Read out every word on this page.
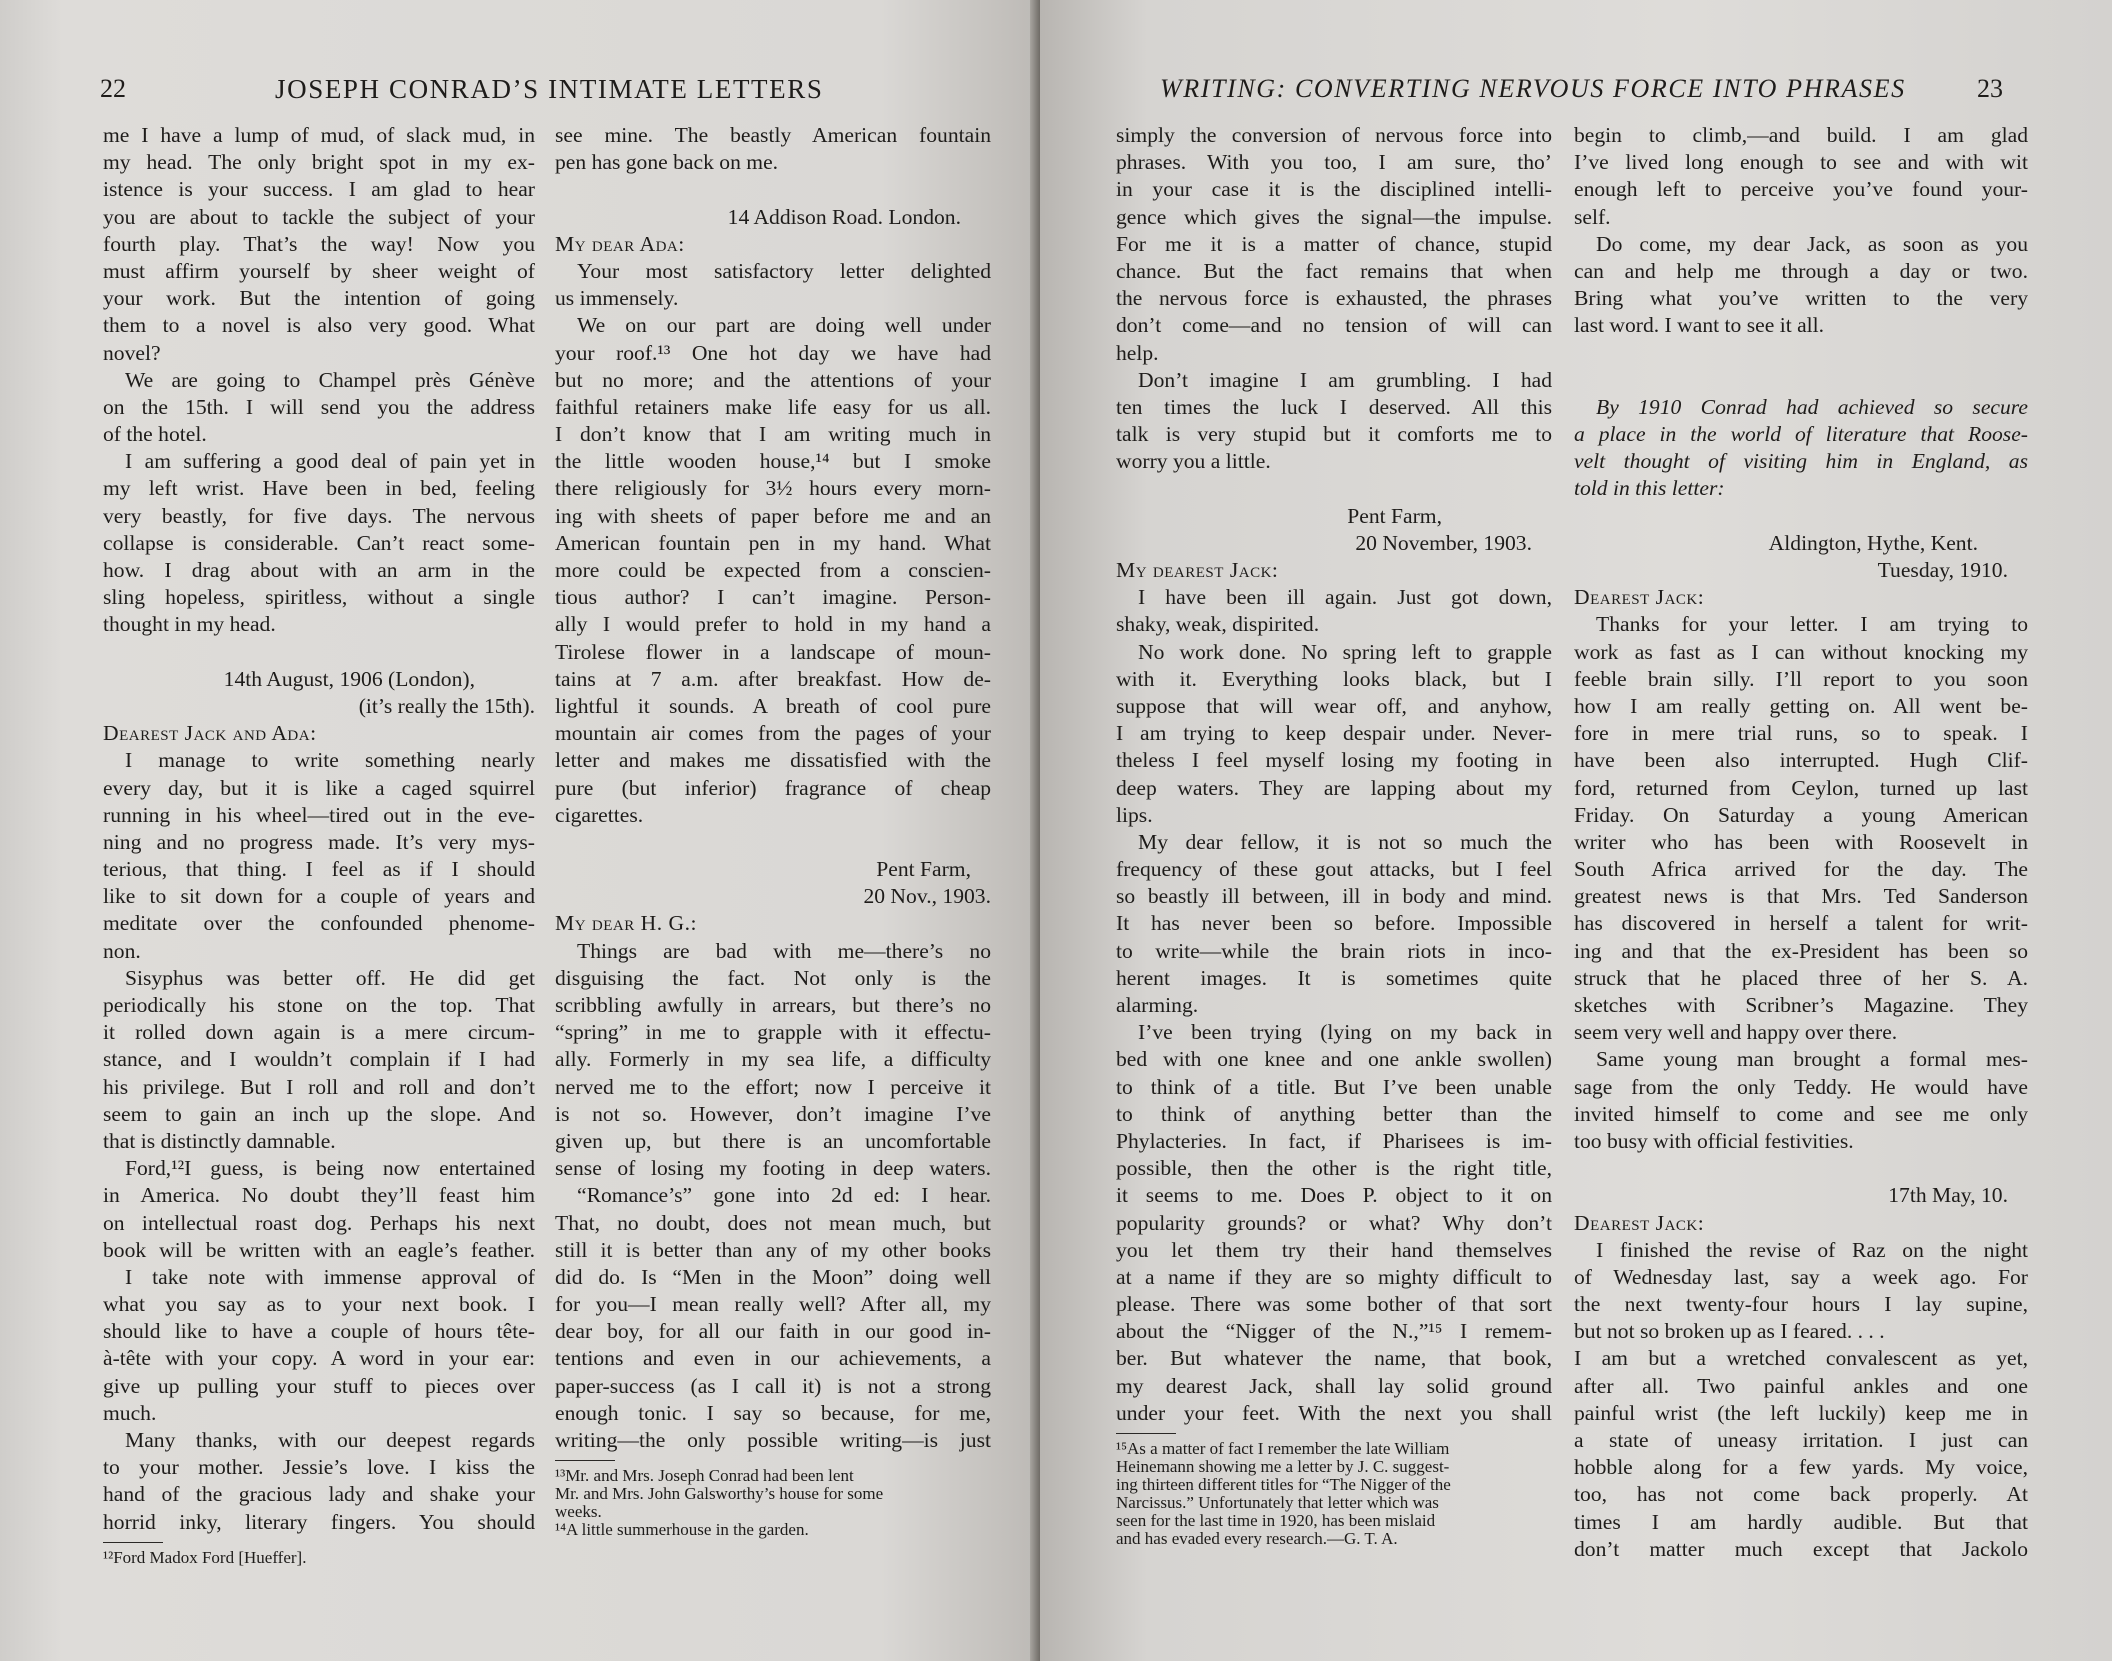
22	JOSEPH CONRAD’S INTIMATE LETTERS
me I have a lump of mud, of slack mud, in
my head. The only bright spot in my ex-
istence is your success. I am glad to hear
you are about to tackle the subject of your
fourth play. That’s the way! Now you
must affirm yourself by sheer weight of
your work. But the intention of going
them to a novel is also very good. What
novel?
We are going to Champel près Génève
on the 15th. I will send you the address
of the hotel.
I am suffering a good deal of pain yet in
my left wrist. Have been in bed, feeling
very beastly, for five days. The nervous
collapse is considerable. Can’t react some-
how. I drag about with an arm in the
sling hopeless, spiritless, without a single
thought in my head.
14th August, 1906 (London),
(it’s really the 15th).
Dearest Jack and Ada:
I manage to write something nearly
every day, but it is like a caged squirrel
running in his wheel—tired out in the eve-
ning and no progress made. It’s very mys-
terious, that thing. I feel as if I should
like to sit down for a couple of years and
meditate over the confounded phenome-
non.
Sisyphus was better off. He did get
periodically his stone on the top. That
it rolled down again is a mere circum-
stance, and I wouldn’t complain if I had
his privilege. But I roll and roll and don’t
seem to gain an inch up the slope. And
that is distinctly damnable.
Ford,¹²I guess, is being now entertained
in America. No doubt they’ll feast him
on intellectual roast dog. Perhaps his next
book will be written with an eagle’s feather.
I take note with immense approval of
what you say as to your next book. I
should like to have a couple of hours tête-
à-tête with your copy. A word in your ear:
give up pulling your stuff to pieces over
much.
Many thanks, with our deepest regards
to your mother. Jessie’s love. I kiss the
hand of the gracious lady and shake your
horrid inky, literary fingers. You should
¹²Ford Madox Ford [Hueffer].
see mine. The beastly American fountain
pen has gone back on me.
14 Addison Road. London.
My dear Ada:
Your most satisfactory letter delighted
us immensely.
We on our part are doing well under
your roof.¹³ One hot day we have had
but no more; and the attentions of your
faithful retainers make life easy for us all.
I don’t know that I am writing much in
the little wooden house,¹⁴ but I smoke
there religiously for 3½ hours every morn-
ing with sheets of paper before me and an
American fountain pen in my hand. What
more could be expected from a conscien-
tious author? I can’t imagine. Person-
ally I would prefer to hold in my hand a
Tirolese flower in a landscape of moun-
tains at 7 a.m. after breakfast. How de-
lightful it sounds. A breath of cool pure
mountain air comes from the pages of your
letter and makes me dissatisfied with the
pure (but inferior) fragrance of cheap
cigarettes.
Pent Farm,
20 Nov., 1903.
My dear H. G.:
Things are bad with me—there’s no
disguising the fact. Not only is the
scribbling awfully in arrears, but there’s no
“spring” in me to grapple with it effectu-
ally. Formerly in my sea life, a difficulty
nerved me to the effort; now I perceive it
is not so. However, don’t imagine I’ve
given up, but there is an uncomfortable
sense of losing my footing in deep waters.
“Romance’s” gone into 2d ed: I hear.
That, no doubt, does not mean much, but
still it is better than any of my other books
did do. Is “Men in the Moon” doing well
for you—I mean really well? After all, my
dear boy, for all our faith in our good in-
tentions and even in our achievements, a
paper-success (as I call it) is not a strong
enough tonic. I say so because, for me,
writing—the only possible writing—is just
¹³Mr. and Mrs. Joseph Conrad had been lent
Mr. and Mrs. John Galsworthy’s house for some
weeks.
¹⁴A little summerhouse in the garden.
WRITING: CONVERTING NERVOUS FORCE INTO PHRASES	23
simply the conversion of nervous force into
phrases. With you too, I am sure, tho’
in your case it is the disciplined intelli-
gence which gives the signal—the impulse.
For me it is a matter of chance, stupid
chance. But the fact remains that when
the nervous force is exhausted, the phrases
don’t come—and no tension of will can
help.
Don’t imagine I am grumbling. I had
ten times the luck I deserved. All this
talk is very stupid but it comforts me to
worry you a little.
Pent Farm,
20 November, 1903.
My dearest Jack:
I have been ill again. Just got down,
shaky, weak, dispirited.
No work done. No spring left to grapple
with it. Everything looks black, but I
suppose that will wear off, and anyhow,
I am trying to keep despair under. Never-
theless I feel myself losing my footing in
deep waters. They are lapping about my
lips.
My dear fellow, it is not so much the
frequency of these gout attacks, but I feel
so beastly ill between, ill in body and mind.
It has never been so before. Impossible
to write—while the brain riots in inco-
herent images. It is sometimes quite
alarming.
I’ve been trying (lying on my back in
bed with one knee and one ankle swollen)
to think of a title. But I’ve been unable
to think of anything better than the
Phylacteries. In fact, if Pharisees is im-
possible, then the other is the right title,
it seems to me. Does P. object to it on
popularity grounds? or what? Why don’t
you let them try their hand themselves
at a name if they are so mighty difficult to
please. There was some bother of that sort
about the “Nigger of the N.,”¹⁵ I remem-
ber. But whatever the name, that book,
my dearest Jack, shall lay solid ground
under your feet. With the next you shall
¹⁵As a matter of fact I remember the late William
Heinemann showing me a letter by J. C. suggest-
ing thirteen different titles for “The Nigger of the
Narcissus.” Unfortunately that letter which was
seen for the last time in 1920, has been mislaid
and has evaded every research.—G. T. A.
begin to climb,—and build. I am glad
I’ve lived long enough to see and with wit
enough left to perceive you’ve found your-
self.
Do come, my dear Jack, as soon as you
can and help me through a day or two.
Bring what you’ve written to the very
last word. I want to see it all.
By 1910 Conrad had achieved so secure
a place in the world of literature that Roose-
velt thought of visiting him in England, as
told in this letter:
Aldington, Hythe, Kent.
Tuesday, 1910.
Dearest Jack:
Thanks for your letter. I am trying to
work as fast as I can without knocking my
feeble brain silly. I’ll report to you soon
how I am really getting on. All went be-
fore in mere trial runs, so to speak. I
have been also interrupted. Hugh Clif-
ford, returned from Ceylon, turned up last
Friday. On Saturday a young American
writer who has been with Roosevelt in
South Africa arrived for the day. The
greatest news is that Mrs. Ted Sanderson
has discovered in herself a talent for writ-
ing and that the ex-President has been so
struck that he placed three of her S. A.
sketches with Scribner’s Magazine. They
seem very well and happy over there.
Same young man brought a formal mes-
sage from the only Teddy. He would have
invited himself to come and see me only
too busy with official festivities.
17th May, 10.
Dearest Jack:
I finished the revise of Raz on the night
of Wednesday last, say a week ago. For
the next twenty-four hours I lay supine,
but not so broken up as I feared. . . .
I am but a wretched convalescent as yet,
after all. Two painful ankles and one
painful wrist (the left luckily) keep me in
a state of uneasy irritation. I just can
hobble along for a few yards. My voice,
too, has not come back properly. At
times I am hardly audible. But that
don’t matter much except that Jackolo
